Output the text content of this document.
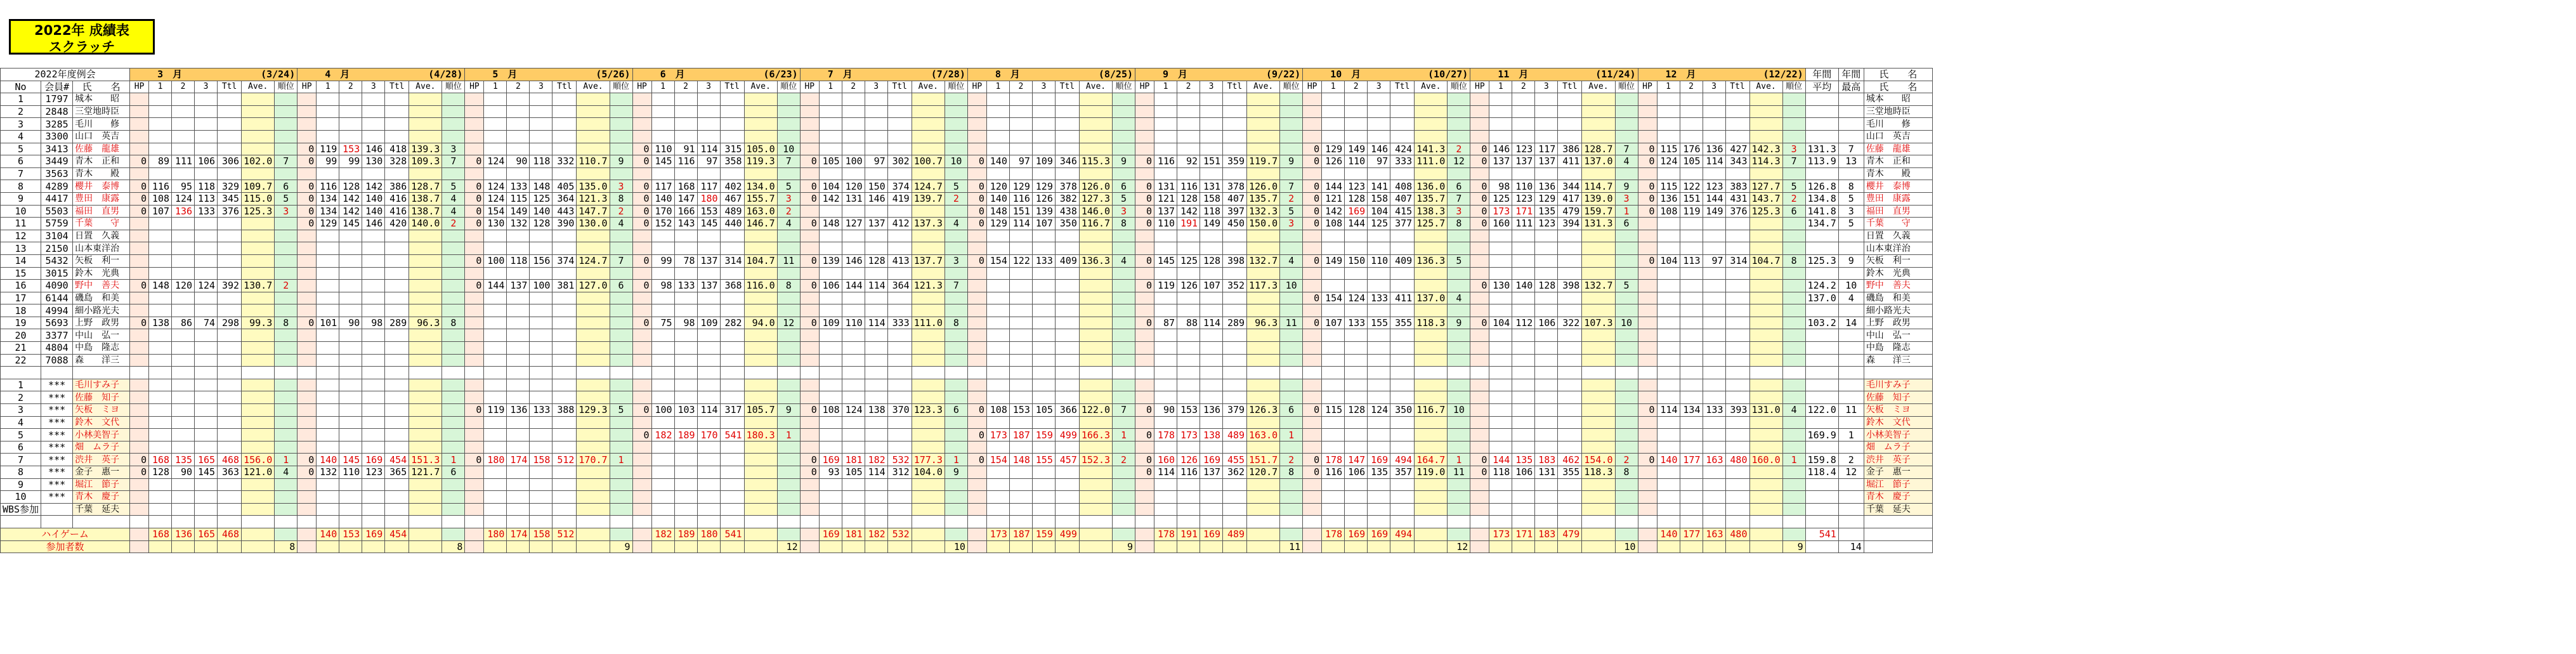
2022年 成績表
スクラッチ
2022年度例会	3　月	(3/24)	4　月	(4/28)	5　月	(5/26)	6　月	(6/23)	7　月	(7/28)	8　月	(8/25)	9　月	(9/22)	10　月	(10/27)	11　月	(11/24)	12　月	(12/22)	年間	年間	氏　　名
No	会員#	氏　　名	HP	1	2	3	Ttl	Ave.	順位	HP	1	2	3	Ttl	Ave.	順位	HP	1	2	3	Ttl	Ave.	順位	HP	1	2	3	Ttl	Ave.	順位	HP	1	2	3	Ttl	Ave.	順位	HP	1	2	3	Ttl	Ave.	順位	HP	1	2	3	Ttl	Ave.	順位	HP	1	2	3	Ttl	Ave.	順位	HP	1	2	3	Ttl	Ave.	順位	HP	1	2	3	Ttl	Ave.	順位	平均	最高	氏　　名
1	1797	城本　　昭																																																																									城本　　昭
2	2848	三堂地時臣																																																																									三堂地時臣
3	3285	毛川　　修																																																																									毛川　　修
4	3300	山口　英吉																																																																									山口　英吉
5	3413	佐藤　龍雄								0	119	153	146	418	139.3	3								0	110	91	114	315	105.0	10																						0	129	149	146	424	141.3	2	0	146	123	117	386	128.7	7	0	115	176	136	427	142.3	3	131.3	7	佐藤　龍雄
6	3449	青木　正和	0	89	111	106	306	102.0	7	0	99	99	130	328	109.3	7	0	124	90	118	332	110.7	9	0	145	116	97	358	119.3	7	0	105	100	97	302	100.7	10	0	140	97	109	346	115.3	9	0	116	92	151	359	119.7	9	0	126	110	97	333	111.0	12	0	137	137	137	411	137.0	4	0	124	105	114	343	114.3	7	113.9	13	青木　正和
7	3563	青木　　殿																																																																									青木　　殿
8	4289	櫻井　泰博	0	116	95	118	329	109.7	6	0	116	128	142	386	128.7	5	0	124	133	148	405	135.0	3	0	117	168	117	402	134.0	5	0	104	120	150	374	124.7	5	0	120	129	129	378	126.0	6	0	131	116	131	378	126.0	7	0	144	123	141	408	136.0	6	0	98	110	136	344	114.7	9	0	115	122	123	383	127.7	5	126.8	8	櫻井　泰博
9	4417	豊田　康露	0	108	124	113	345	115.0	5	0	134	142	140	416	138.7	4	0	124	115	125	364	121.3	8	0	140	147	180	467	155.7	3	0	142	131	146	419	139.7	2	0	140	116	126	382	127.3	5	0	121	128	158	407	135.7	2	0	121	128	158	407	135.7	7	0	125	123	129	417	139.0	3	0	136	151	144	431	143.7	2	134.8	5	豊田　康露
10	5503	福田　直男	0	107	136	133	376	125.3	3	0	134	142	140	416	138.7	4	0	154	149	140	443	147.7	2	0	170	166	153	489	163.0	2								0	148	151	139	438	146.0	3	0	137	142	118	397	132.3	5	0	142	169	104	415	138.3	3	0	173	171	135	479	159.7	1	0	108	119	149	376	125.3	6	141.8	3	福田　直男
11	5759	千葉　　守								0	129	145	146	420	140.0	2	0	130	132	128	390	130.0	4	0	152	143	145	440	146.7	4	0	148	127	137	412	137.3	4	0	129	114	107	350	116.7	8	0	110	191	149	450	150.0	3	0	108	144	125	377	125.7	8	0	160	111	123	394	131.3	6								134.7	5	千葉　　守
12	3104	日置　久義																																																																									日置　久義
13	2150	山本東洋治																																																																									山本東洋治
14	5432	矢板　利一															0	100	118	156	374	124.7	7	0	99	78	137	314	104.7	11	0	139	146	128	413	137.7	3	0	154	122	133	409	136.3	4	0	145	125	128	398	132.7	4	0	149	150	110	409	136.3	5								0	104	113	97	314	104.7	8	125.3	9	矢板　利一
15	3015	鈴木　光典																																																																									鈴木　光典
16	4090	野中　善夫	0	148	120	124	392	130.7	2								0	144	137	100	381	127.0	6	0	98	133	137	368	116.0	8	0	106	144	114	364	121.3	7								0	119	126	107	352	117.3	10								0	130	140	128	398	132.7	5								124.2	10	野中　善夫
17	6144	磯島　和美																																																		0	154	124	133	411	137.0	4															137.0	4	磯島　和美
18	4994	細小路光夫																																																																									細小路光夫
19	5693	上野　政男	0	138	86	74	298	99.3	8	0	101	90	98	289	96.3	8								0	75	98	109	282	94.0	12	0	109	110	114	333	111.0	8								0	87	88	114	289	96.3	11	0	107	133	155	355	118.3	9	0	104	112	106	322	107.3	10								103.2	14	上野　政男
20	3377	中山　弘一																																																																									中山　弘一
21	4804	中島　隆志																																																																									中島　隆志
22	7088	森　　洋三																																																																									森　　洋三

1	***	毛川すみ子																																																																									毛川すみ子
2	***	佐藤　知子																																																																									佐藤　知子
3	***	矢板　ミヨ															0	119	136	133	388	129.3	5	0	100	103	114	317	105.7	9	0	108	124	138	370	123.3	6	0	108	153	105	366	122.0	7	0	90	153	136	379	126.3	6	0	115	128	124	350	116.7	10								0	114	134	133	393	131.0	4	122.0	11	矢板　ミヨ
4	***	鈴木　文代																																																																									鈴木　文代
5	***	小林美智子																						0	182	189	170	541	180.3	1								0	173	187	159	499	166.3	1	0	178	173	138	489	163.0	1																						169.9	1	小林美智子
6	***	畑　ムラ子																																																																									畑　ムラ子
7	***	渋井　英子	0	168	135	165	468	156.0	1	0	140	145	169	454	151.3	1	0	180	174	158	512	170.7	1								0	169	181	182	532	177.3	1	0	154	148	155	457	152.3	2	0	160	126	169	455	151.7	2	0	178	147	169	494	164.7	1	0	144	135	183	462	154.0	2	0	140	177	163	480	160.0	1	159.8	2	渋井　英子
8	***	金子　惠一	0	128	90	145	363	121.0	4	0	132	110	123	365	121.7	6															0	93	105	114	312	104.0	9								0	114	116	137	362	120.7	8	0	116	106	135	357	119.0	11	0	118	106	131	355	118.3	8								118.4	12	金子　惠一
9	***	堀江　節子																																																																									堀江　節子
10	***	青木　慶子																																																																									青木　慶子
WBS参加		千葉　延夫																																																																									千葉　延夫

ハイゲーム		168	136	165	468				140	153	169	454				180	174	158	512				182	189	180	541				169	181	182	532				173	187	159	499				178	191	169	489				178	169	169	494				173	171	183	479				140	177	163	480			541		
参加者数							8							8							9							12							10							9							11							12							10							9		14	
